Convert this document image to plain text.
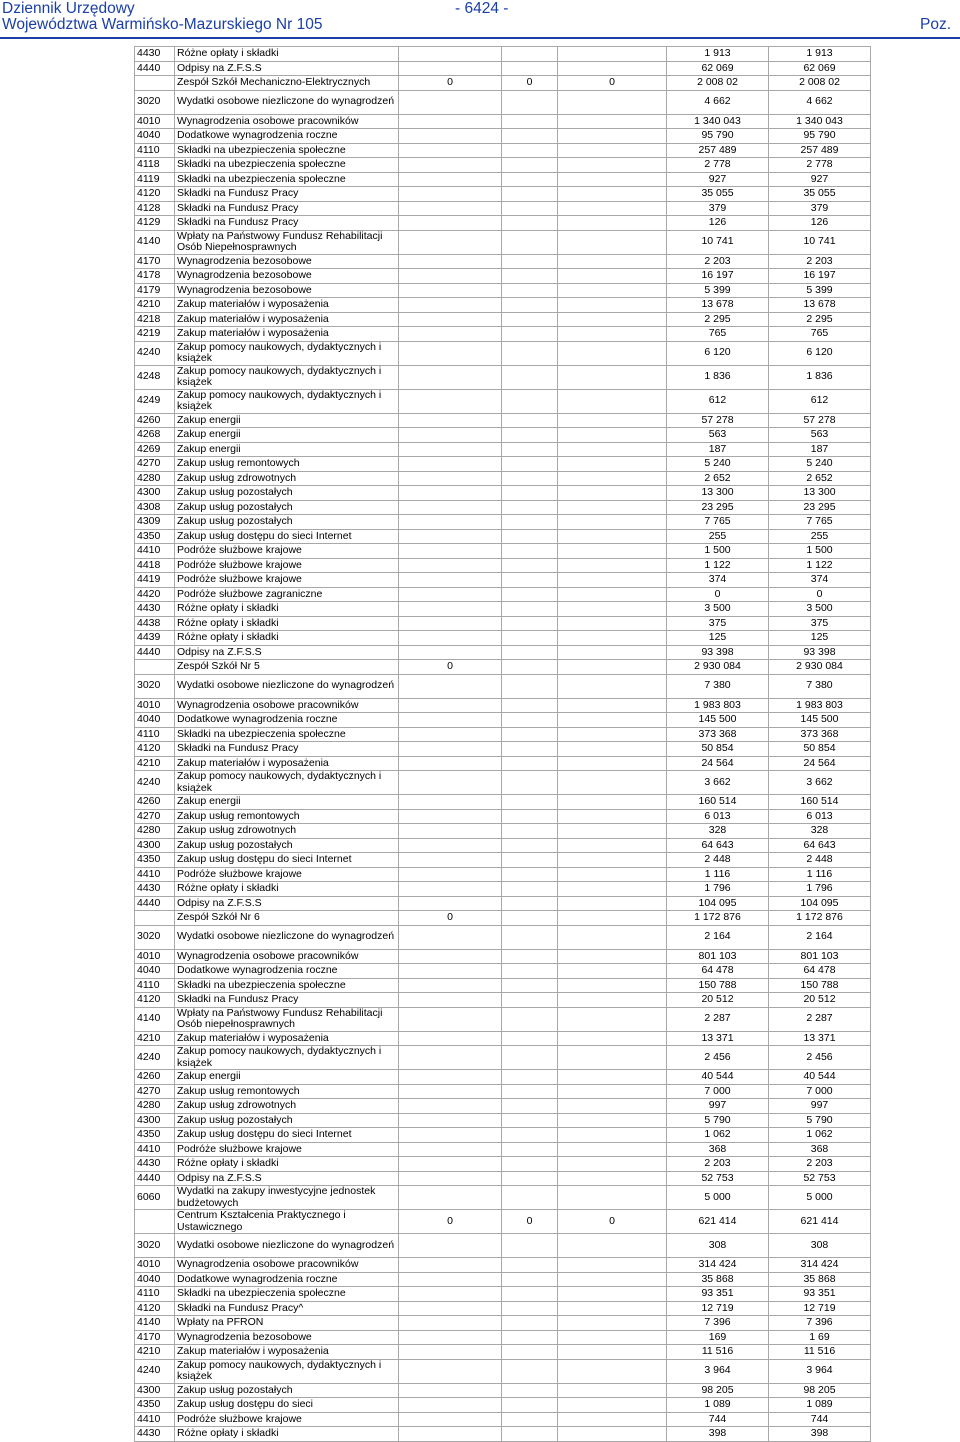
Dziennik Urzędowy
Województwa Warmińsko-Mazurskiego Nr 105
- 6424 -
Poz.
4430	Różne opłaty i składki				1 913	1 913
4440	Odpisy na Z.F.S.S				62 069	62 069
	Zespół Szkół Mechaniczno-Elektrycznych	0	0	0	2 008 02	2 008 02
3020	Wydatki osobowe niezliczone do wynagrodzeń				4 662	4 662
4010	Wynagrodzenia osobowe pracowników				1 340 043	1 340 043
4040	Dodatkowe wynagrodzenia roczne				95 790	95 790
4110	Składki na ubezpieczenia społeczne				257 489	257 489
4118	Składki na ubezpieczenia społeczne				2 778	2 778
4119	Składki na ubezpieczenia społeczne				927	927
4120	Składki na Fundusz Pracy				35 055	35 055
4128	Składki na Fundusz Pracy				379	379
4129	Składki na Fundusz Pracy				126	126
4140	Wpłaty na Państwowy Fundusz Rehabilitacji Osób Niepełnosprawnych				10 741	10 741
4170	Wynagrodzenia bezosobowe				2 203	2 203
4178	Wynagrodzenia bezosobowe				16 197	16 197
4179	Wynagrodzenia bezosobowe				5 399	5 399
4210	Zakup materiałów i wyposażenia				13 678	13 678
4218	Zakup materiałów i wyposażenia				2 295	2 295
4219	Zakup materiałów i wyposażenia				765	765
4240	Zakup pomocy naukowych, dydaktycznych i książek				6 120	6 120
4248	Zakup pomocy naukowych, dydaktycznych i książek				1 836	1 836
4249	Zakup pomocy naukowych, dydaktycznych i książek				612	612
4260	Zakup energii				57 278	57 278
4268	Zakup energii				563	563
4269	Zakup energii				187	187
4270	Zakup usług remontowych				5 240	5 240
4280	Zakup usług zdrowotnych				2 652	2 652
4300	Zakup usług pozostałych				13 300	13 300
4308	Zakup usług pozostałych				23 295	23 295
4309	Zakup usług pozostałych				7 765	7 765
4350	Zakup usług dostępu do sieci Internet				255	255
4410	Podróże służbowe krajowe				1 500	1 500
4418	Podróże służbowe krajowe				1 122	1 122
4419	Podróże służbowe krajowe				374	374
4420	Podróże służbowe zagraniczne				0	0
4430	Różne opłaty i składki				3 500	3 500
4438	Różne opłaty i składki				375	375
4439	Różne opłaty i składki				125	125
4440	Odpisy na Z.F.S.S				93 398	93 398
	Zespół Szkół Nr 5	0			2 930 084	2 930 084
3020	Wydatki osobowe niezliczone do wynagrodzeń				7 380	7 380
4010	Wynagrodzenia osobowe pracowników				1 983 803	1 983 803
4040	Dodatkowe wynagrodzenia roczne				145 500	145 500
4110	Składki na ubezpieczenia społeczne				373 368	373 368
4120	Składki na Fundusz Pracy				50 854	50 854
4210	Zakup materiałów i wyposażenia				24 564	24 564
4240	Zakup pomocy naukowych, dydaktycznych i książek				3 662	3 662
4260	Zakup energii				160 514	160 514
4270	Zakup usług remontowych				6 013	6 013
4280	Zakup usług zdrowotnych				328	328
4300	Zakup usług pozostałych				64 643	64 643
4350	Zakup usług dostępu do sieci Internet				2 448	2 448
4410	Podróże służbowe krajowe				1 116	1 116
4430	Różne opłaty i składki				1 796	1 796
4440	Odpisy na Z.F.S.S				104 095	104 095
	Zespół Szkół Nr 6	0			1 172 876	1 172 876
3020	Wydatki osobowe niezliczone do wynagrodzeń				2 164	2 164
4010	Wynagrodzenia osobowe pracowników				801 103	801 103
4040	Dodatkowe wynagrodzenia roczne				64 478	64 478
4110	Składki na ubezpieczenia społeczne				150 788	150 788
4120	Składki na Fundusz Pracy				20 512	20 512
4140	Wpłaty na Państwowy Fundusz Rehabilitacji Osób niepełnosprawnych				2 287	2 287
4210	Zakup materiałów i wyposażenia				13 371	13 371
4240	Zakup pomocy naukowych, dydaktycznych i książek				2 456	2 456
4260	Zakup energii				40 544	40 544
4270	Zakup usług remontowych				7 000	7 000
4280	Zakup usług zdrowotnych				997	997
4300	Zakup usług pozostałych				5 790	5 790
4350	Zakup usług dostępu do sieci Internet				1 062	1 062
4410	Podróże służbowe krajowe				368	368
4430	Różne opłaty i składki				2 203	2 203
4440	Odpisy na Z.F.S.S				52 753	52 753
6060	Wydatki na zakupy inwestycyjne jednostek budżetowych				5 000	5 000
	Centrum Kształcenia Praktycznego i Ustawicznego	0	0	0	621 414	621 414
3020	Wydatki osobowe niezliczone do wynagrodzeń				308	308
4010	Wynagrodzenia osobowe pracowników				314 424	314 424
4040	Dodatkowe wynagrodzenia roczne				35 868	35 868
4110	Składki na ubezpieczenia społeczne				93 351	93 351
4120	Składki na Fundusz Pracy^				12 719	12 719
4140	Wpłaty na PFRON				7 396	7 396
4170	Wynagrodzenia bezosobowe				169	1 69
4210	Zakup materiałów i wyposażenia				11 516	11 516
4240	Zakup pomocy naukowych, dydaktycznych i książek				3 964	3 964
4300	Zakup usług pozostałych				98 205	98 205
4350	Zakup usług dostępu do sieci				1 089	1 089
4410	Podróże służbowe krajowe				744	744
4430	Różne opłaty i składki				398	398
